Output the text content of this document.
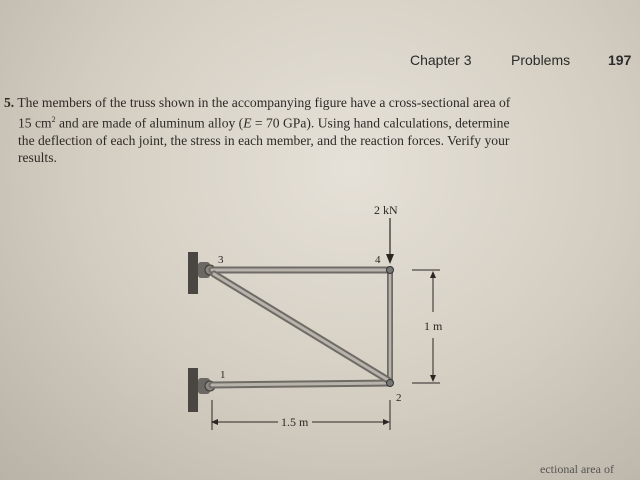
Chapter 3	Problems	197
5. The members of the truss shown in the accompanying figure have a cross-sectional area of
15 $cm^2$ and are made of aluminum alloy (E = 70 GPa). Using hand calculations, determine
the deflection of each joint, the stress in each member, and the reaction forces. Verify your
results.
2 kN
3	4
1
2
1 m
1.5 m
ectional area of
